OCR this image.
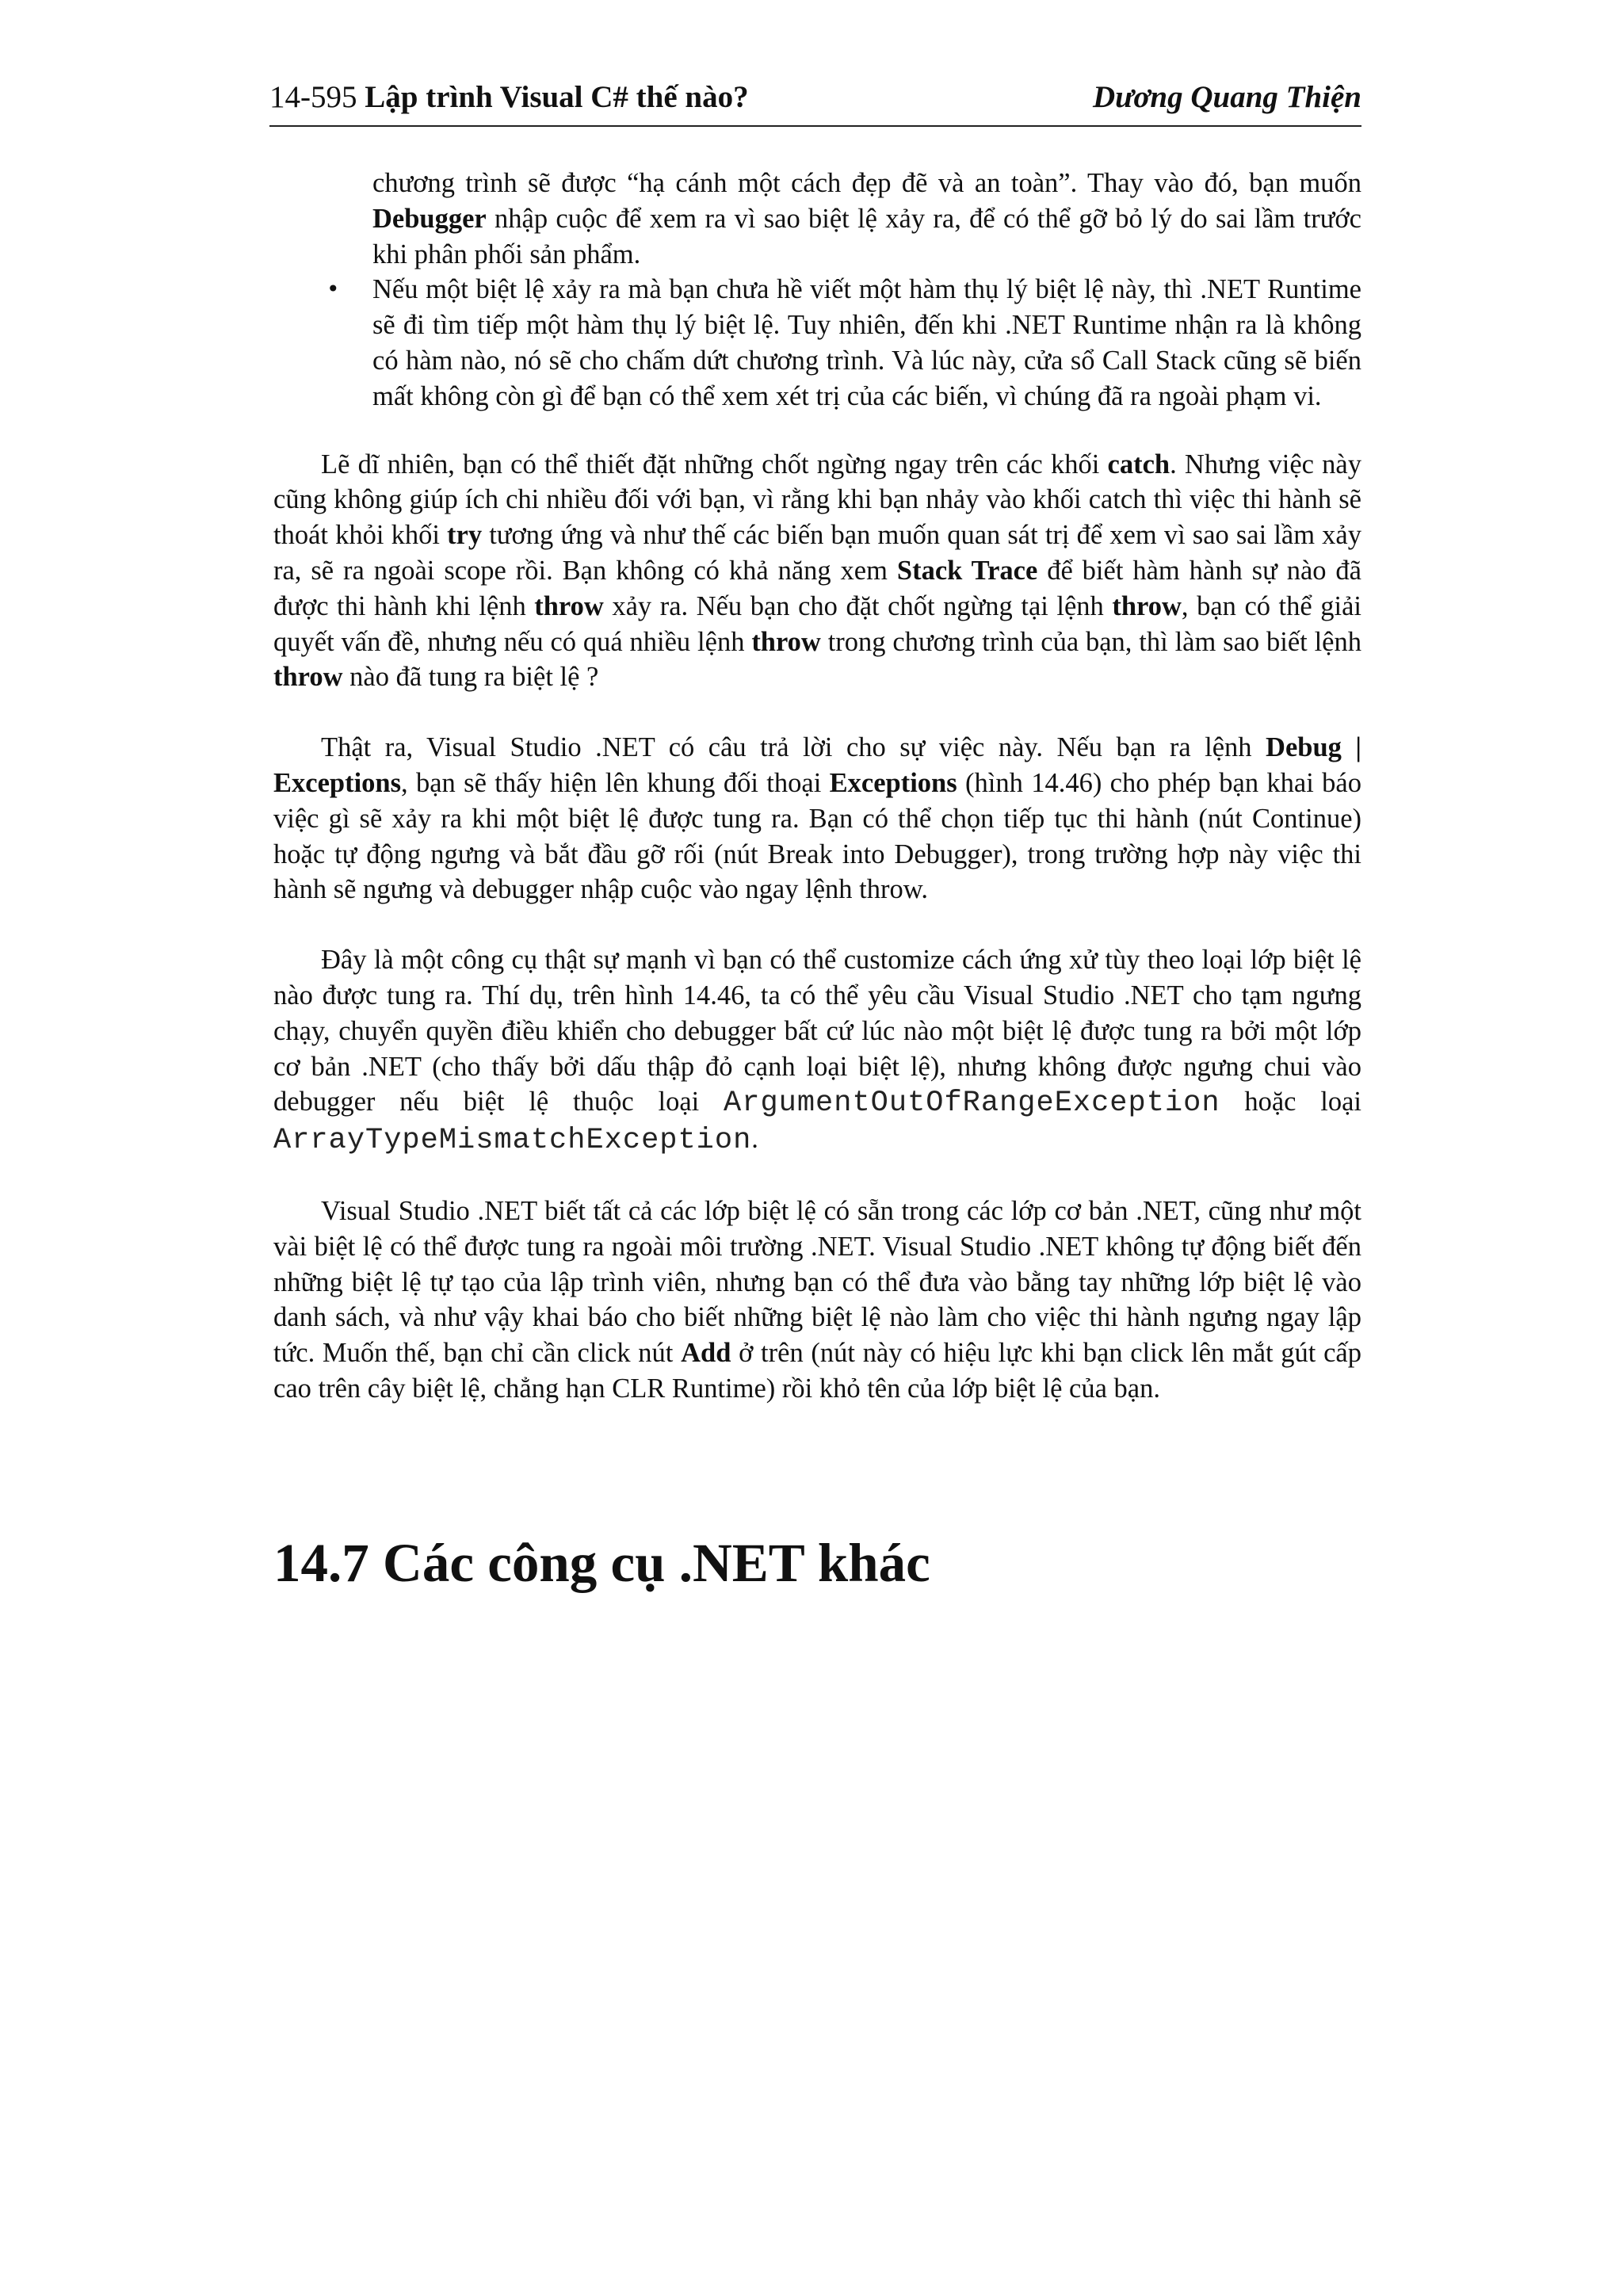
14-595 Lập trình Visual C# thế nào?	Dương Quang Thiện

chương trình sẽ được “hạ cánh một cách đẹp đẽ và an toàn”. Thay vào đó, bạn muốn Debugger nhập cuộc để xem ra vì sao biệt lệ xảy ra, để có thể gỡ bỏ lý do sai lầm trước khi phân phối sản phẩm.

• Nếu một biệt lệ xảy ra mà bạn chưa hề viết một hàm thụ lý biệt lệ này, thì .NET Runtime sẽ đi tìm tiếp một hàm thụ lý biệt lệ. Tuy nhiên, đến khi .NET Runtime nhận ra là không có hàm nào, nó sẽ cho chấm dứt chương trình. Và lúc này, cửa sổ Call Stack cũng sẽ biến mất không còn gì để bạn có thể xem xét trị của các biến, vì chúng đã ra ngoài phạm vi.

Lẽ dĩ nhiên, bạn có thể thiết đặt những chốt ngừng ngay trên các khối catch. Nhưng việc này cũng không giúp ích chi nhiều đối với bạn, vì rằng khi bạn nhảy vào khối catch thì việc thi hành sẽ thoát khỏi khối try tương ứng và như thế các biến bạn muốn quan sát trị để xem vì sao sai lầm xảy ra, sẽ ra ngoài scope rồi. Bạn không có khả năng xem Stack Trace để biết hàm hành sự nào đã được thi hành khi lệnh throw xảy ra. Nếu bạn cho đặt chốt ngừng tại lệnh throw, bạn có thể giải quyết vấn đề, nhưng nếu có quá nhiều lệnh throw trong chương trình của bạn, thì làm sao biết lệnh throw nào đã tung ra biệt lệ ?

Thật ra, Visual Studio .NET có câu trả lời cho sự việc này. Nếu bạn ra lệnh Debug | Exceptions, bạn sẽ thấy hiện lên khung đối thoại Exceptions (hình 14.46) cho phép bạn khai báo việc gì sẽ xảy ra khi một biệt lệ được tung ra. Bạn có thể chọn tiếp tục thi hành (nút Continue) hoặc tự động ngưng và bắt đầu gỡ rối (nút Break into Debugger), trong trường hợp này việc thi hành sẽ ngưng và debugger nhập cuộc vào ngay lệnh throw.

Đây là một công cụ thật sự mạnh vì bạn có thể customize cách ứng xử tùy theo loại lớp biệt lệ nào được tung ra. Thí dụ, trên hình 14.46, ta có thể yêu cầu Visual Studio .NET cho tạm ngưng chạy, chuyển quyền điều khiển cho debugger bất cứ lúc nào một biệt lệ được tung ra bởi một lớp cơ bản .NET (cho thấy bởi dấu thập đỏ cạnh loại biệt lệ), nhưng không được ngưng chui vào debugger nếu biệt lệ thuộc loại ArgumentOutOfRangeException hoặc loại ArrayTypeMismatchException.

Visual Studio .NET biết tất cả các lớp biệt lệ có sẵn trong các lớp cơ bản .NET, cũng như một vài biệt lệ có thể được tung ra ngoài môi trường .NET. Visual Studio .NET không tự động biết đến những biệt lệ tự tạo của lập trình viên, nhưng bạn có thể đưa vào bằng tay những lớp biệt lệ vào danh sách, và như vậy khai báo cho biết những biệt lệ nào làm cho việc thi hành ngưng ngay lập tức. Muốn thế, bạn chỉ cần click nút Add ở trên (nút này có hiệu lực khi bạn click lên mắt gút cấp cao trên cây biệt lệ, chẳng hạn CLR Runtime) rồi khỏ tên của lớp biệt lệ của bạn.

14.7 Các công cụ .NET khác
